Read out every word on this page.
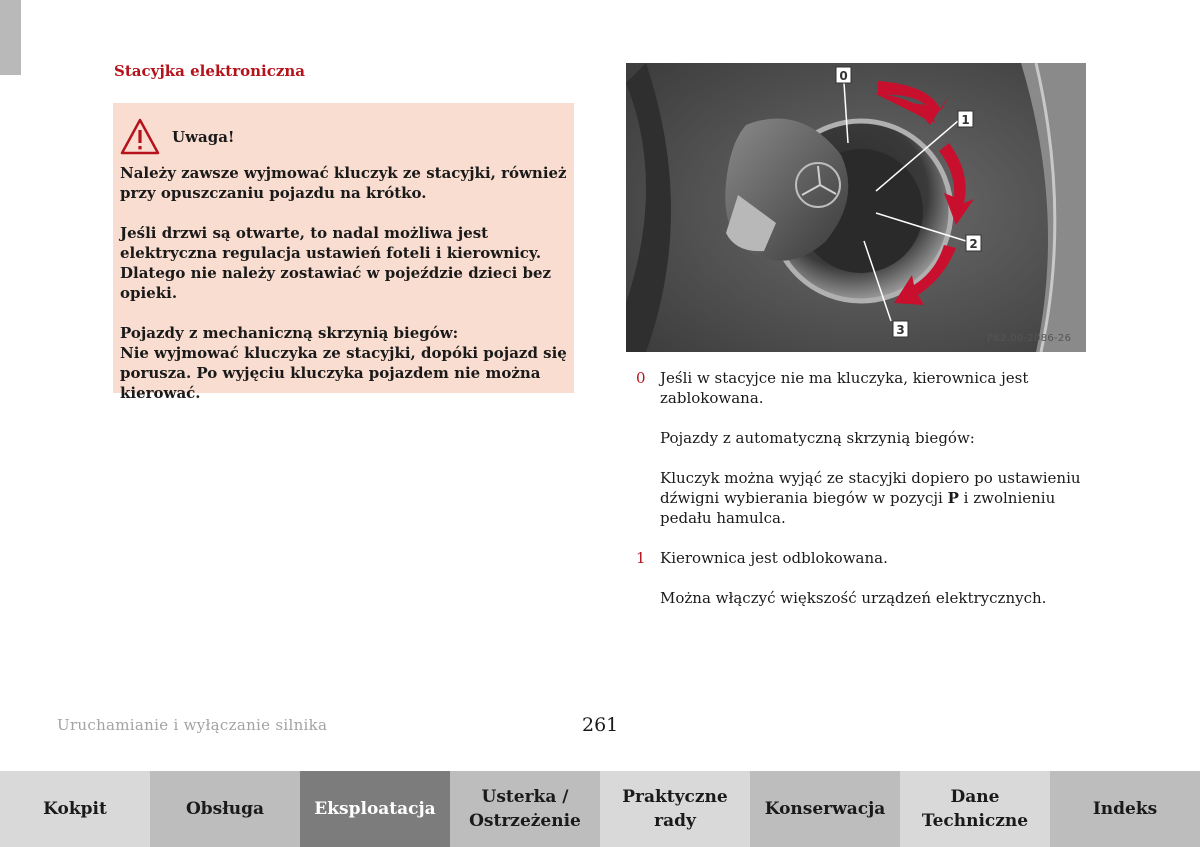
Stacyjka elektroniczna
Uwaga!

Należy zawsze wyjmować kluczyk ze stacyjki, również przy opuszczaniu pojazdu na krótko.

Jeśli drzwi są otwarte, to nadal możliwa jest elektryczna regulacja ustawień foteli i kierownicy. Dlatego nie należy zostawiać w pojeździe dzieci bez opieki.

Pojazdy z mechaniczną skrzynią biegów:

Nie wyjmować kluczyka ze stacyjki, dopóki pojazd się porusza. Po wyjęciu kluczyka pojazdem nie można kierować.

0
1
2
3
P82.00-2086-26
0 Jeśli w stacyjce nie ma kluczyka, kierownica jest zablokowana.

Pojazdy z automatyczną skrzynią biegów:

Kluczyk można wyjąć ze stacyjki dopiero po ustawieniu dźwigni wybierania biegów w pozycji P i zwolnieniu pedału hamulca.

1 Kierownica jest odblokowana.

Można włączyć większość urządzeń elektrycznych.

Uruchamianie i wyłączanie silnika	261
Kokpit	Obsługa	Eksploatacja
Usterka /
Ostrzeżenie
Praktyczne
rady
Konserwacja
Dane
Techniczne
Indeks
